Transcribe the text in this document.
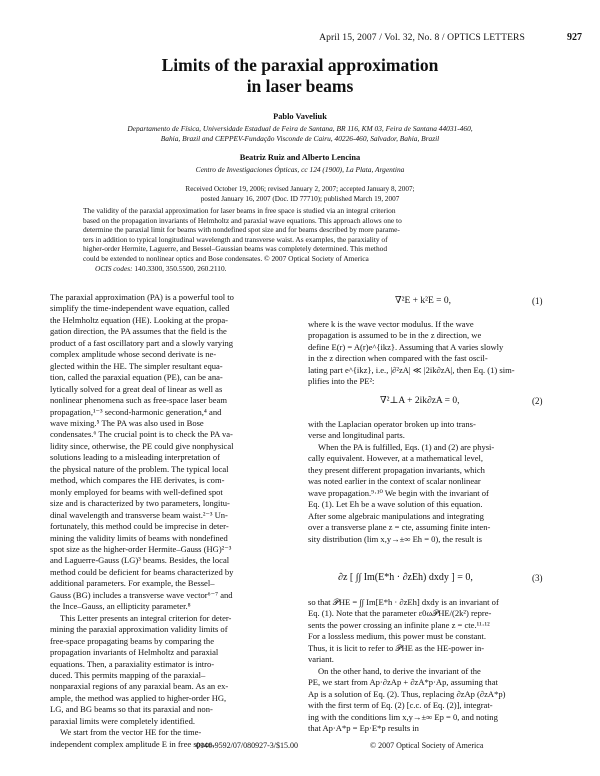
April 15, 2007 / Vol. 32, No. 8 / OPTICS LETTERS	927
Limits of the paraxial approximation
in laser beams
Pablo Vaveliuk
Departamento de Física, Universidade Estadual de Feira de Santana, BR 116, KM 03, Feira de Santana 44031-460,
Bahia, Brazil and CEPPEV-Fundação Visconde de Cairu, 40226-460, Salvador, Bahia, Brazil
Beatriz Ruiz and Alberto Lencina
Centro de Investigaciones Ópticas, cc 124 (1900), La Plata, Argentina
Received October 19, 2006; revised January 2, 2007; accepted January 8, 2007;
posted January 16, 2007 (Doc. ID 77710); published March 19, 2007
The validity of the paraxial approximation for laser beams in free space is studied via an integral criterion
based on the propagation invariants of Helmholtz and paraxial wave equations. This approach allows one to
determine the paraxial limit for beams with nondefined spot size and for beams described by more parame-
ters in addition to typical longitudinal wavelength and transverse waist. As examples, the paraxiality of
higher-order Hermite, Laguerre, and Bessel–Gaussian beams was completely determined. This method
could be extended to nonlinear optics and Bose condensates. © 2007 Optical Society of America
OCIS codes: 140.3300, 350.5500, 260.2110.
The paraxial approximation (PA) is a powerful tool to
simplify the time-independent wave equation, called
the Helmholtz equation (HE). Looking at the propa-
gation direction, the PA assumes that the field is the
product of a fast oscillatory part and a slowly varying
complex amplitude whose second derivate is ne-
glected within the HE. The simpler resultant equa-
tion, called the paraxial equation (PE), can be ana-
lytically solved for a great deal of linear as well as
nonlinear phenomena such as free-space laser beam
propagation,¹⁻³ second-harmonic generation,⁴ and
wave mixing.⁵ The PA was also used in Bose
condensates.⁶ The crucial point is to check the PA va-
lidity since, otherwise, the PE could give nonphysical
solutions leading to a misleading interpretation of
the physical nature of the problem. The typical local
method, which compares the HE derivates, is com-
monly employed for beams with well-defined spot
size and is characterized by two parameters, longitu-
dinal wavelength and transverse beam waist.²⁻³ Un-
fortunately, this method could be imprecise in deter-
mining the validity limits of beams with nondefined
spot size as the higher-order Hermite–Gauss (HG)²⁻³
and Laguerre-Gauss (LG)³ beams. Besides, the local
method could be deficient for beams characterized by
additional parameters. For example, the Bessel–
Gauss (BG) includes a transverse wave vector⁶⁻⁷ and
the Ince–Gauss, an ellipticity parameter.⁸
This Letter presents an integral criterion for deter-
mining the paraxial approximation validity limits of
free-space propagating beams by comparing the
propagation invariants of Helmholtz and paraxial
equations. Then, a paraxiality estimator is intro-
duced. This permits mapping of the paraxial–
nonparaxial regions of any paraxial beam. As an ex-
ample, the method was applied to higher-order HG,
LG, and BG beams so that its paraxial and non-
paraxial limits were completely identified.
We start from the vector HE for the time-
independent complex amplitude E in free space,
∇²E + k²E = 0,	(1)
where k is the wave vector modulus. If the wave
propagation is assumed to be in the z direction, we
define E(r) = A(r)e^{ikz}. Assuming that A varies slowly
in the z direction when compared with the fast oscil-
lating part e^{ikz}, i.e., |∂²zA| ≪ |2ik∂zA|, then Eq. (1) sim-
plifies into the PE²:
∇²⊥A + 2ik∂zA = 0,	(2)
with the Laplacian operator broken up into trans-
verse and longitudinal parts.
When the PA is fulfilled, Eqs. (1) and (2) are physi-
cally equivalent. However, at a mathematical level,
they present different propagation invariants, which
was noted earlier in the context of scalar nonlinear
wave propagation.⁹·¹⁰ We begin with the invariant of
Eq. (1). Let Eh be a wave solution of this equation.
After some algebraic manipulations and integrating
over a transverse plane z = cte, assuming finite inten-
sity distribution (lim x,y→±∞ Eh = 0), the result is
∂z [ ∫∫ Im(E*h · ∂zEh) dxdy ] = 0,	(3)
so that 𝒫HE = ∫∫ Im[E*h · ∂zEh] dxdy is an invariant of
Eq. (1). Note that the parameter ε0ω𝒫HE/(2k²) repre-
sents the power crossing an infinite plane z = cte.¹¹·¹²
For a lossless medium, this power must be constant.
Thus, it is licit to refer to 𝒫HE as the HE-power in-
variant.
On the other hand, to derive the invariant of the
PE, we start from Ap·∂zAp + ∂zA*p·Ap, assuming that
Ap is a solution of Eq. (2). Thus, replacing ∂zAp (∂zA*p)
with the first term of Eq. (2) [c.c. of Eq. (2)], integrat-
ing with the conditions lim x,y→±∞ Ep = 0, and noting
that Ap·A*p = Ep·E*p results in
0146-9592/07/080927-3/$15.00	© 2007 Optical Society of America
